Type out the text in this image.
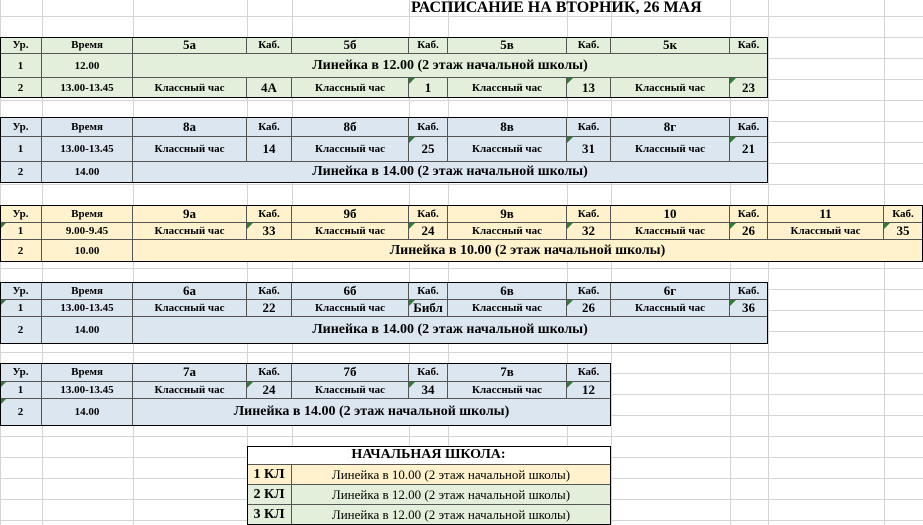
РАСПИСАНИЕ НА ВТОРНИК, 26 МАЯ
Ур.	Время	5а	Каб.	5б	Каб.	5в	Каб.	5к	Каб.
1	12.00	Линейка в 12.00 (2 этаж начальной школы)
2	13.00-13.45	Классный час	4А	Классный час	1	Классный час	13	Классный час	23
Ур.	Время	8а	Каб.	8б	Каб.	8в	Каб.	8г	Каб.
1	13.00-13.45	Классный час	14	Классный час	25	Классный час	31	Классный час	21
2	14.00	Линейка в 14.00 (2 этаж начальной школы)
Ур.	Время	9а	Каб.	9б	Каб.	9в	Каб.	10	Каб.	11	Каб.
1	9.00-9.45	Классный час	33	Классный час	24	Классный час	32	Классный час	26	Классный час	35
2	10.00	Линейка в 10.00 (2 этаж начальной школы)
Ур.	Время	6а	Каб.	6б	Каб.	6в	Каб.	6г	Каб.
1	13.00-13.45	Классный час	22	Классный час	Библ	Классный час	26	Классный час	36
2	14.00	Линейка в 14.00 (2 этаж начальной школы)
Ур.	Время	7а	Каб.	7б	Каб.	7в	Каб.
1	13.00-13.45	Классный час	24	Классный час	34	Классный час	12
2	14.00	Линейка в 14.00 (2 этаж начальной школы)
НАЧАЛЬНАЯ ШКОЛА:
1 КЛ	Линейка в 10.00 (2 этаж начальной школы)
2 КЛ	Линейка в 12.00 (2 этаж начальной школы)
3 КЛ	Линейка в 12.00 (2 этаж начальной школы)
